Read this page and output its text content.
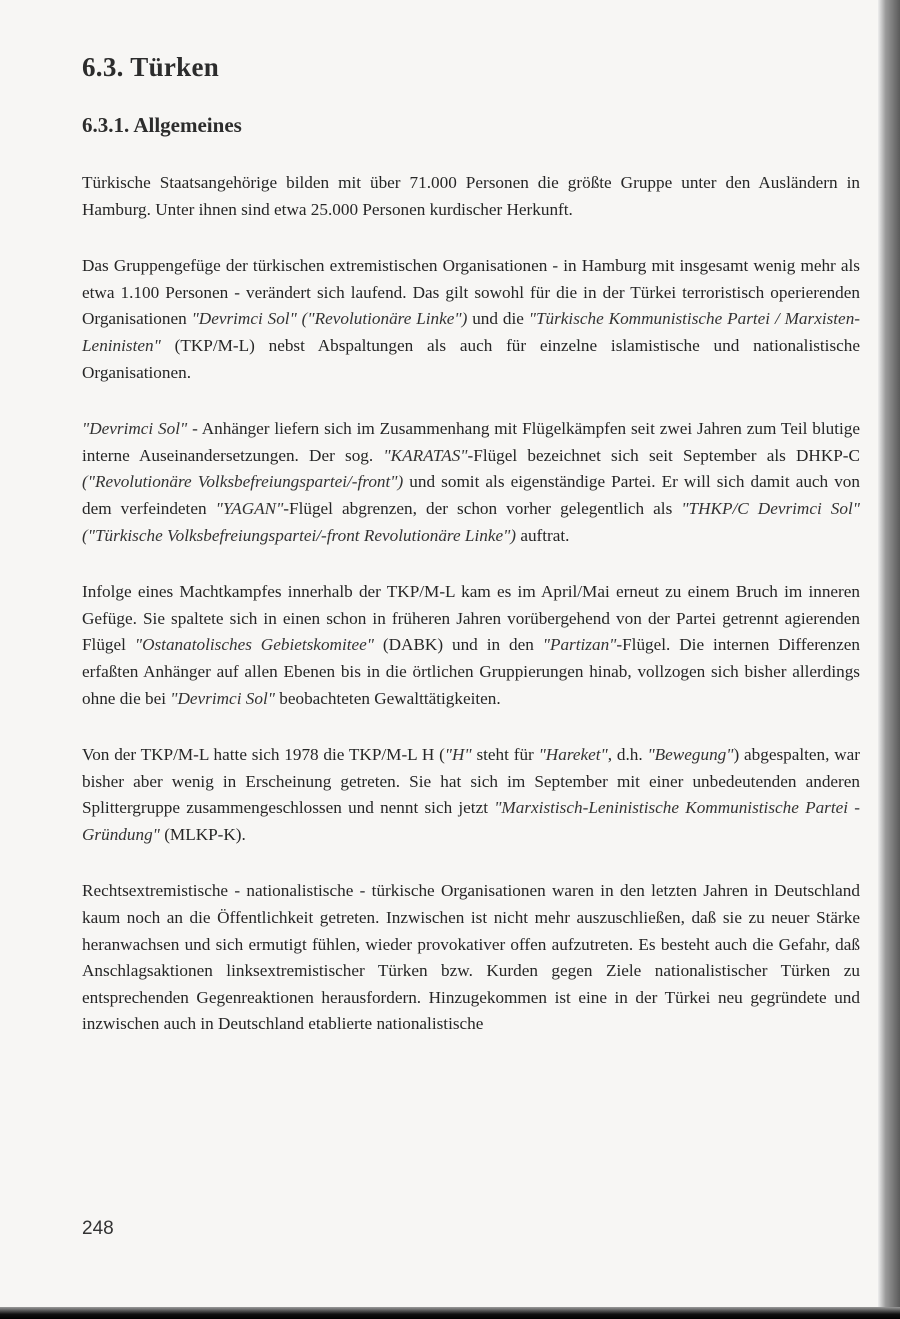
6.3. Türken
6.3.1. Allgemeines

Türkische Staatsangehörige bilden mit über 71.000 Personen die größte Gruppe unter den Ausländern in Hamburg. Unter ihnen sind etwa 25.000 Personen kurdischer Herkunft.

Das Gruppengefüge der türkischen extremistischen Organisationen - in Hamburg mit insgesamt wenig mehr als etwa 1.100 Personen - verändert sich laufend. Das gilt sowohl für die in der Türkei terroristisch operierenden Organisationen "Devrimci Sol" ("Revolutionäre Linke") und die "Türkische Kommunistische Partei / Marxisten-Leninisten" (TKP/M-L) nebst Abspaltungen als auch für einzelne islamistische und nationalistische Organisationen.

"Devrimci Sol" - Anhänger liefern sich im Zusammenhang mit Flügelkämpfen seit zwei Jahren zum Teil blutige interne Auseinandersetzungen. Der sog. "KARATAS"-Flügel bezeichnet sich seit September als DHKP-C ("Revolutionäre Volksbefreiungspartei/-front") und somit als eigenständige Partei. Er will sich damit auch von dem verfeindeten "YAGAN"-Flügel abgrenzen, der schon vorher gelegentlich als "THKP/C Devrimci Sol" ("Türkische Volksbefreiungspartei/-front Revolutionäre Linke") auftrat.

Infolge eines Machtkampfes innerhalb der TKP/M-L kam es im April/Mai erneut zu einem Bruch im inneren Gefüge. Sie spaltete sich in einen schon in früheren Jahren vorübergehend von der Partei getrennt agierenden Flügel "Ostanatolisches Gebietskomitee" (DABK) und in den "Partizan"-Flügel. Die internen Differenzen erfaßten Anhänger auf allen Ebenen bis in die örtlichen Gruppierungen hinab, vollzogen sich bisher allerdings ohne die bei "Devrimci Sol" beobachteten Gewalttätigkeiten.

Von der TKP/M-L hatte sich 1978 die TKP/M-L H ("H" steht für "Hareket", d.h. "Bewegung") abgespalten, war bisher aber wenig in Erscheinung getreten. Sie hat sich im September mit einer unbedeutenden anderen Splittergruppe zusammengeschlossen und nennt sich jetzt "Marxistisch-Leninistische Kommunistische Partei - Gründung" (MLKP-K).

Rechtsextremistische - nationalistische - türkische Organisationen waren in den letzten Jahren in Deutschland kaum noch an die Öffentlichkeit getreten. Inzwischen ist nicht mehr auszuschließen, daß sie zu neuer Stärke heranwachsen und sich ermutigt fühlen, wieder provokativer offen aufzutreten. Es besteht auch die Gefahr, daß Anschlagsaktionen linksextremistischer Türken bzw. Kurden gegen Ziele nationalistischer Türken zu entsprechenden Gegenreaktionen herausfordern. Hinzugekommen ist eine in der Türkei neu gegründete und inzwischen auch in Deutschland etablierte nationalistische

248
